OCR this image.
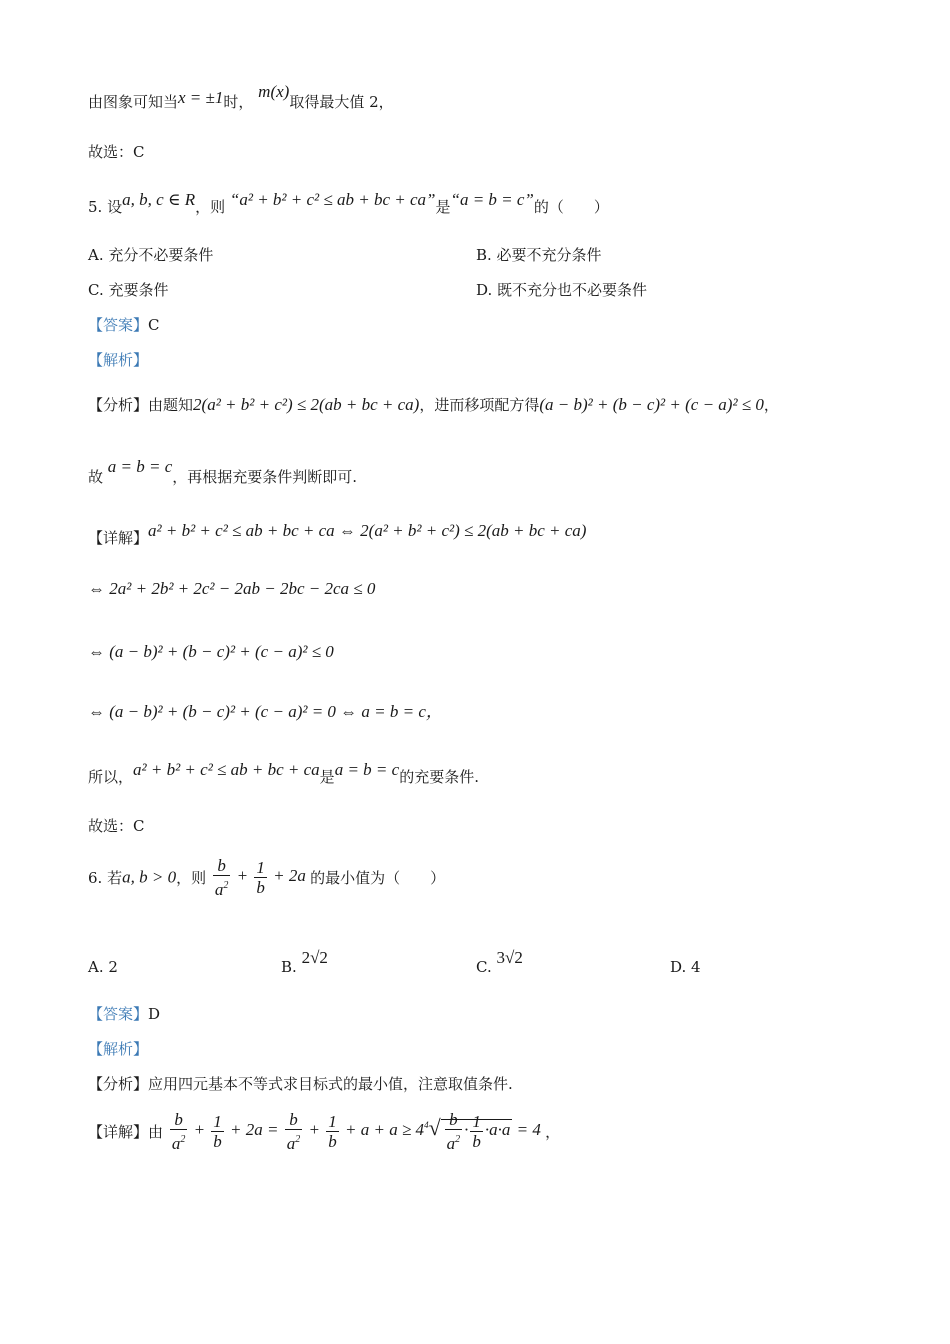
由图象可知当x = ±1时， m(x)取得最大值 2，
故选：C
5. 设a, b, c ∈ R，则 “a² + b² + c² ≤ ab + bc + ca”是“a = b = c”的（　　）
A. 充分不必要条件	B. 必要不充分条件
C. 充要条件	D. 既不充分也不必要条件
【答案】C
【解析】
【分析】由题知2(a² + b² + c²) ≤ 2(ab + bc + ca)，进而移项配方得(a − b)² + (b − c)² + (c − a)² ≤ 0，
故 a = b = c，再根据充要条件判断即可.
【详解】a² + b² + c² ≤ ab + bc + ca ⇔ 2(a² + b² + c²) ≤ 2(ab + bc + ca)
⇔ 2a² + 2b² + 2c² − 2ab − 2bc − 2ca ≤ 0
⇔ (a − b)² + (b − c)² + (c − a)² ≤ 0
⇔ (a − b)² + (b − c)² + (c − a)² = 0 ⇔ a = b = c，
所以，a² + b² + c² ≤ ab + bc + ca是a = b = c的充要条件.
故选：C
6. 若a, b > 0，则 $\frac{b}{a^2} + \frac{1}{b} + 2a$ 的最小值为（　　）
A. 2	B. 2√2	C. 3√2	D. 4
【答案】D
【解析】
【分析】应用四元基本不等式求目标式的最小值，注意取值条件.
【详解】由 $\frac{b}{a^2} + \frac{1}{b} + 2a = \frac{b}{a^2} + \frac{1}{b} + a + a \ge 4^4√ \frac{b}{a^2} \cdot \frac{1}{b} \cdot a\cdot a = 4$ ，
